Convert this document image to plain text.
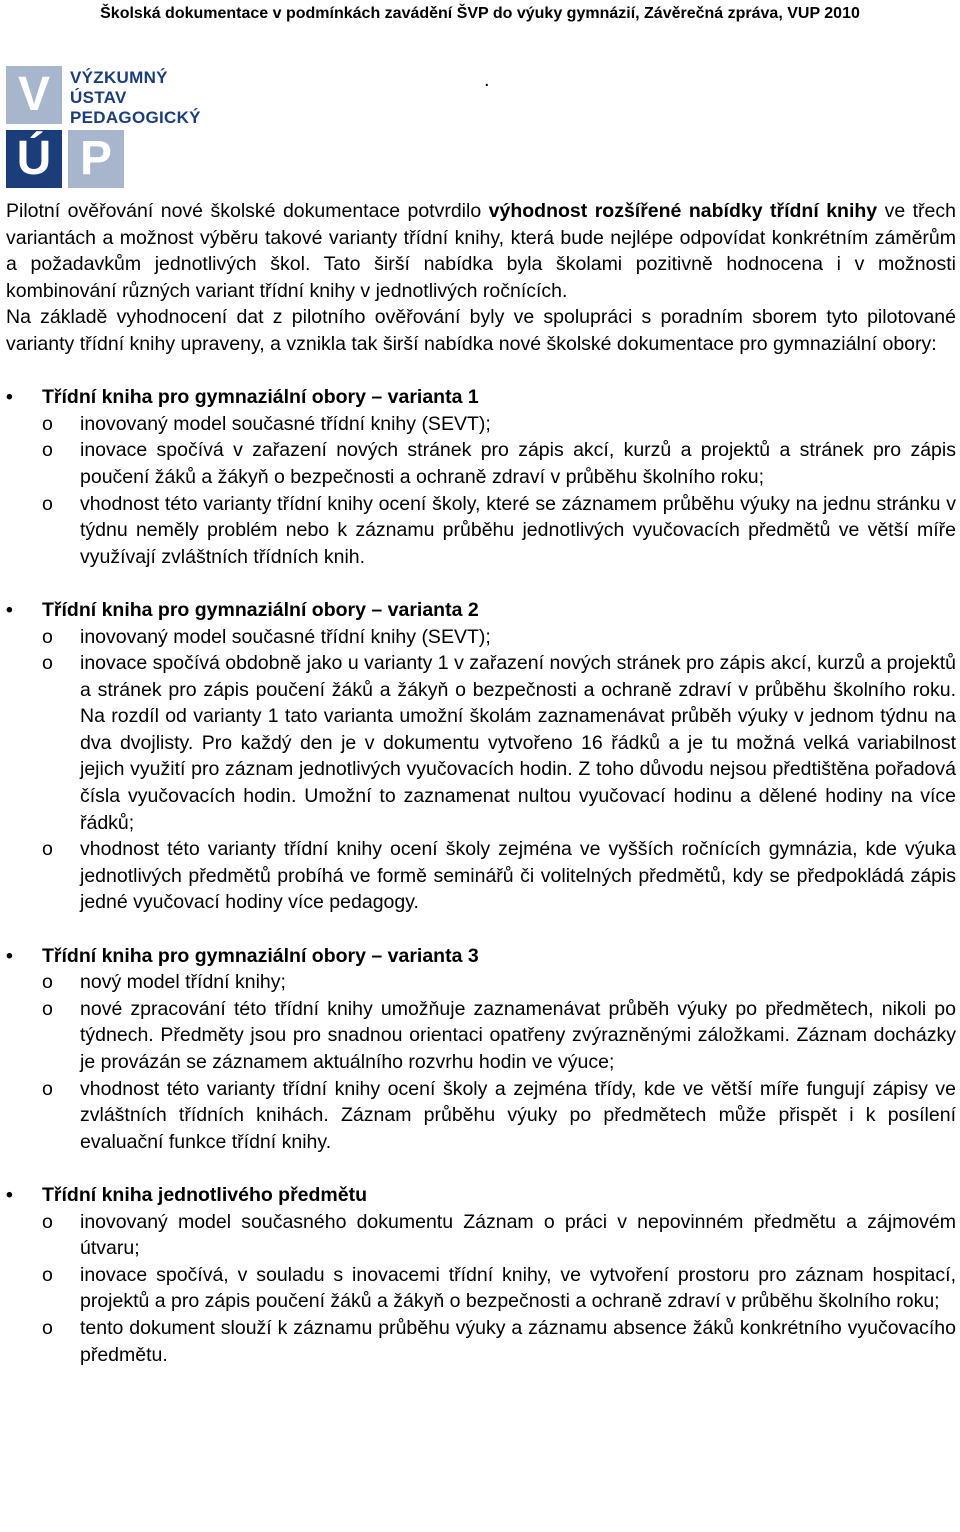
Školská dokumentace v podmínkách zavádění ŠVP do výuky gymnázií, Závěrečná zpráva, VUP 2010
V
Ú P
VÝZKUMNÝ
ÚSTAV
PEDAGOGICKÝ
.

Pilotní ověřování nové školské dokumentace potvrdilo výhodnost rozšířené nabídky třídní knihy ve třech variantách a možnost výběru takové varianty třídní knihy, která bude nejlépe odpovídat konkrétním záměrům a požadavkům jednotlivých škol. Tato širší nabídka byla školami pozitivně hodnocena i v možnosti kombinování různých variant třídní knihy v jednotlivých ročnících.

Na základě vyhodnocení dat z pilotního ověřování byly ve spolupráci s poradním sborem tyto pilotované varianty třídní knihy upraveny, a vznikla tak širší nabídka nové školské dokumentace pro gymnaziální obory:

• Třídní kniha pro gymnaziální obory – varianta 1
o inovovaný model současné třídní knihy (SEVT);
o inovace spočívá v zařazení nových stránek pro zápis akcí, kurzů a projektů a stránek pro zápis poučení žáků a žákyň o bezpečnosti a ochraně zdraví v průběhu školního roku;
o vhodnost této varianty třídní knihy ocení školy, které se záznamem průběhu výuky na jednu stránku v týdnu neměly problém nebo k záznamu průběhu jednotlivých vyučovacích předmětů ve větší míře využívají zvláštních třídních knih.
• Třídní kniha pro gymnaziální obory – varianta 2
o inovovaný model současné třídní knihy (SEVT);
o inovace spočívá obdobně jako u varianty 1 v zařazení nových stránek pro zápis akcí, kurzů a projektů a stránek pro zápis poučení žáků a žákyň o bezpečnosti a ochraně zdraví v průběhu školního roku. Na rozdíl od varianty 1 tato varianta umožní školám zaznamenávat průběh výuky v jednom týdnu na dva dvojlisty. Pro každý den je v dokumentu vytvořeno 16 řádků a je tu možná velká variabilnost jejich využití pro záznam jednotlivých vyučovacích hodin. Z toho důvodu nejsou předtištěna pořadová čísla vyučovacích hodin. Umožní to zaznamenat nultou vyučovací hodinu a dělené hodiny na více řádků;
o vhodnost této varianty třídní knihy ocení školy zejména ve vyšších ročnících gymnázia, kde výuka jednotlivých předmětů probíhá ve formě seminářů či volitelných předmětů, kdy se předpokládá zápis jedné vyučovací hodiny více pedagogy.
• Třídní kniha pro gymnaziální obory – varianta 3
o nový model třídní knihy;
o nové zpracování této třídní knihy umožňuje zaznamenávat průběh výuky po předmětech, nikoli po týdnech. Předměty jsou pro snadnou orientaci opatřeny zvýrazněnými záložkami. Záznam docházky je provázán se záznamem aktuálního rozvrhu hodin ve výuce;
o vhodnost této varianty třídní knihy ocení školy a zejména třídy, kde ve větší míře fungují zápisy ve zvláštních třídních knihách. Záznam průběhu výuky po předmětech může přispět i k posílení evaluační funkce třídní knihy.
• Třídní kniha jednotlivého předmětu
o inovovaný model současného dokumentu Záznam o práci v nepovinném předmětu a zájmovém útvaru;
o inovace spočívá, v souladu s inovacemi třídní knihy, ve vytvoření prostoru pro záznam hospitací, projektů a pro zápis poučení žáků a žákyň o bezpečnosti a ochraně zdraví v průběhu školního roku;
o tento dokument slouží k záznamu průběhu výuky a záznamu absence žáků konkrétního vyučovacího předmětu.
